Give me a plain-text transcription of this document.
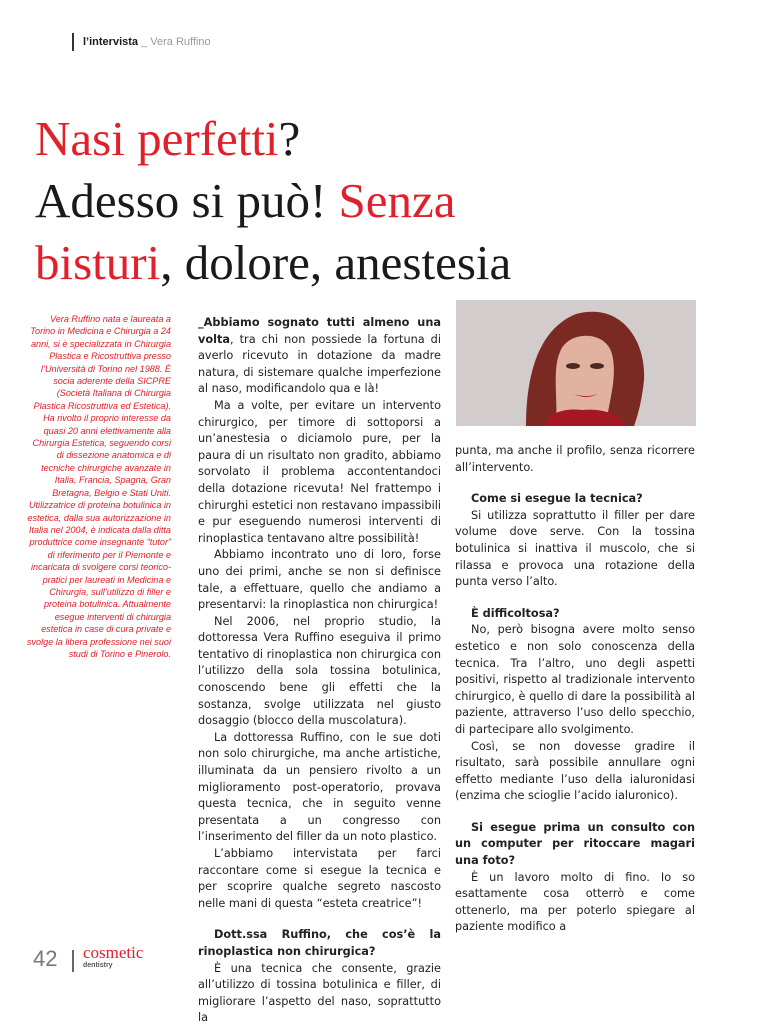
l’intervista _ Vera Ruffino
Nasi perfetti?
Adesso si può! Senza
bisturi, dolore, anestesia
Vera Ruffino nata e laureata a Torino in Medicina e Chirurgia a 24 anni, si è specializzata in Chirurgia Plastica e Ricostruttiva presso l’Università di Torino nel 1988. È socia aderente della SICPRE (Società Italiana di Chirurgia Plastica Ricostruttiva ed Estetica). Ha rivolto il proprio interesse da quasi 20 anni elettivamente alla Chirurgia Estetica, seguendo corsi di dissezione anatomica e di tecniche chirurgiche avanzate in Italia, Francia, Spagna, Gran Bretagna, Belgio e Stati Uniti. Utilizzatrice di proteina botulinica in estetica, dalla sua autorizzazione in Italia nel 2004, è indicata dalla ditta produttrice come insegnante “tutor” di riferimento per il Piemonte e incaricata di svolgere corsi teorico-pratici per laureati in Medicina e Chirurgia, sull’utilizzo di filler e proteina botulinica. Attualmente esegue interventi di chirurgia estetica in case di cura private e svolge la libera professione nei suoi studi di Torino e Pinerolo.

_Abbiamo sognato tutti almeno una volta, tra chi non possiede la fortuna di averlo ricevuto in dotazione da madre natura, di sistemare qualche imperfezione al naso, modificandolo qua e là!

Ma a volte, per evitare un intervento chirurgico, per timore di sottoporsi a un’anestesia o diciamolo pure, per la paura di un risultato non gradito, abbiamo sorvolato il problema accontentandoci della dotazione ricevuta! Nel frattempo i chirurghi estetici non restavano impassibili e pur eseguendo numerosi interventi di rinoplastica tentavano altre possibilità!

Abbiamo incontrato uno di loro, forse uno dei primi, anche se non si definisce tale, a effettuare, quello che andiamo a presentarvi: la rinoplastica non chirurgica!

Nel 2006, nel proprio studio, la dottoressa Vera Ruffino eseguiva il primo tentativo di rinoplastica non chirurgica con l’utilizzo della sola tossina botulinica, conoscendo bene gli effetti che la sostanza, svolge utilizzata nel giusto dosaggio (blocco della muscolatura).

La dottoressa Ruffino, con le sue doti non solo chirurgiche, ma anche artistiche, illuminata da un pensiero rivolto a un miglioramento post-operatorio, provava questa tecnica, che in seguito venne presentata a un congresso con l’inserimento del filler da un noto plastico.

L’abbiamo intervistata per farci raccontare come si esegue la tecnica e per scoprire qualche segreto nascosto nelle mani di questa “esteta creatrice”!

Dott.ssa Ruffino, che cos’è la rinoplastica non chirurgica?

È una tecnica che consente, grazie all’utilizzo di tossina botulinica e filler, di migliorare l’aspetto del naso, soprattutto la

punta, ma anche il profilo, senza ricorrere all’intervento.

Come si esegue la tecnica?

Si utilizza soprattutto il filler per dare volume dove serve. Con la tossina botulinica si inattiva il muscolo, che si rilassa e provoca una rotazione della punta verso l’alto.

È difficoltosa?

No, però bisogna avere molto senso estetico e non solo conoscenza della tecnica. Tra l’altro, uno degli aspetti positivi, rispetto al tradizionale intervento chirurgico, è quello di dare la possibilità al paziente, attraverso l’uso dello specchio, di partecipare allo svolgimento.

Così, se non dovesse gradire il risultato, sarà possibile annullare ogni effetto mediante l’uso della ialuronidasi (enzima che scioglie l’acido ialuronico).

Si esegue prima un consulto con un computer per ritoccare magari una foto?

È un lavoro molto di fino. Io so esattamente cosa otterrò e come ottenerlo, ma per poterlo spiegare al paziente modifico a

42 cosmetic
dentistry
